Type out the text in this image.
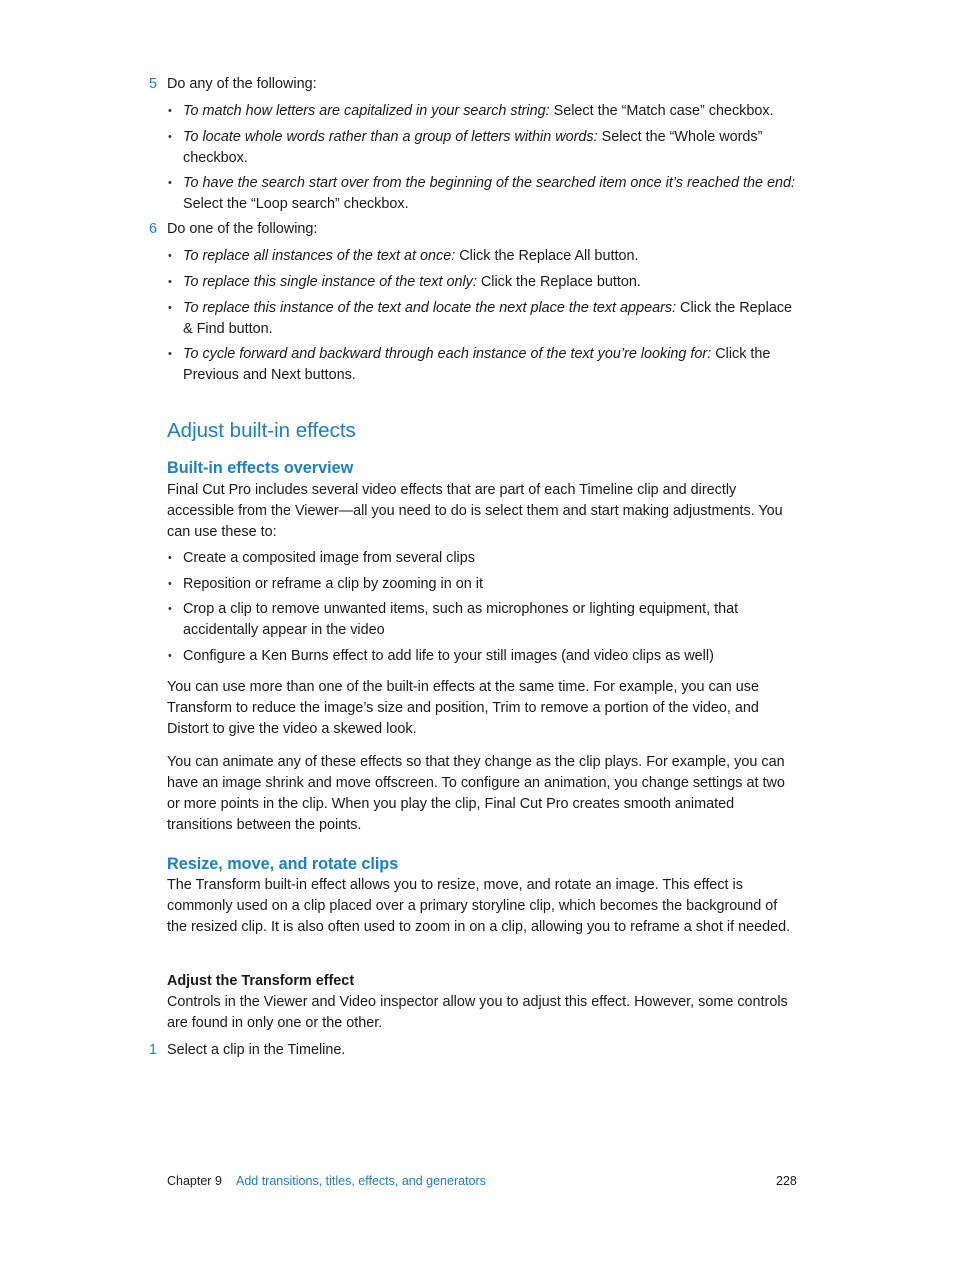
5 Do any of the following:
• To match how letters are capitalized in your search string: Select the “Match case” checkbox.
• To locate whole words rather than a group of letters within words: Select the “Whole words” checkbox.
• To have the search start over from the beginning of the searched item once it’s reached the end: Select the “Loop search” checkbox.
6 Do one of the following:
• To replace all instances of the text at once: Click the Replace All button.
• To replace this single instance of the text only: Click the Replace button.
• To replace this instance of the text and locate the next place the text appears: Click the Replace & Find button.
• To cycle forward and backward through each instance of the text you’re looking for: Click the Previous and Next buttons.
Adjust built-in effects
Built-in effects overview

Final Cut Pro includes several video effects that are part of each Timeline clip and directly accessible from the Viewer—all you need to do is select them and start making adjustments. You can use these to:

• Create a composited image from several clips
• Reposition or reframe a clip by zooming in on it
• Crop a clip to remove unwanted items, such as microphones or lighting equipment, that accidentally appear in the video
• Configure a Ken Burns effect to add life to your still images (and video clips as well)

You can use more than one of the built-in effects at the same time. For example, you can use Transform to reduce the image’s size and position, Trim to remove a portion of the video, and Distort to give the video a skewed look.

You can animate any of these effects so that they change as the clip plays. For example, you can have an image shrink and move offscreen. To configure an animation, you change settings at two or more points in the clip. When you play the clip, Final Cut Pro creates smooth animated transitions between the points.

Resize, move, and rotate clips

The Transform built-in effect allows you to resize, move, and rotate an image. This effect is commonly used on a clip placed over a primary storyline clip, which becomes the background of the resized clip. It is also often used to zoom in on a clip, allowing you to reframe a shot if needed.

Adjust the Transform effect

Controls in the Viewer and Video inspector allow you to adjust this effect. However, some controls are found in only one or the other.

1 Select a clip in the Timeline.
Chapter 9 Add transitions, titles, effects, and generators	228
